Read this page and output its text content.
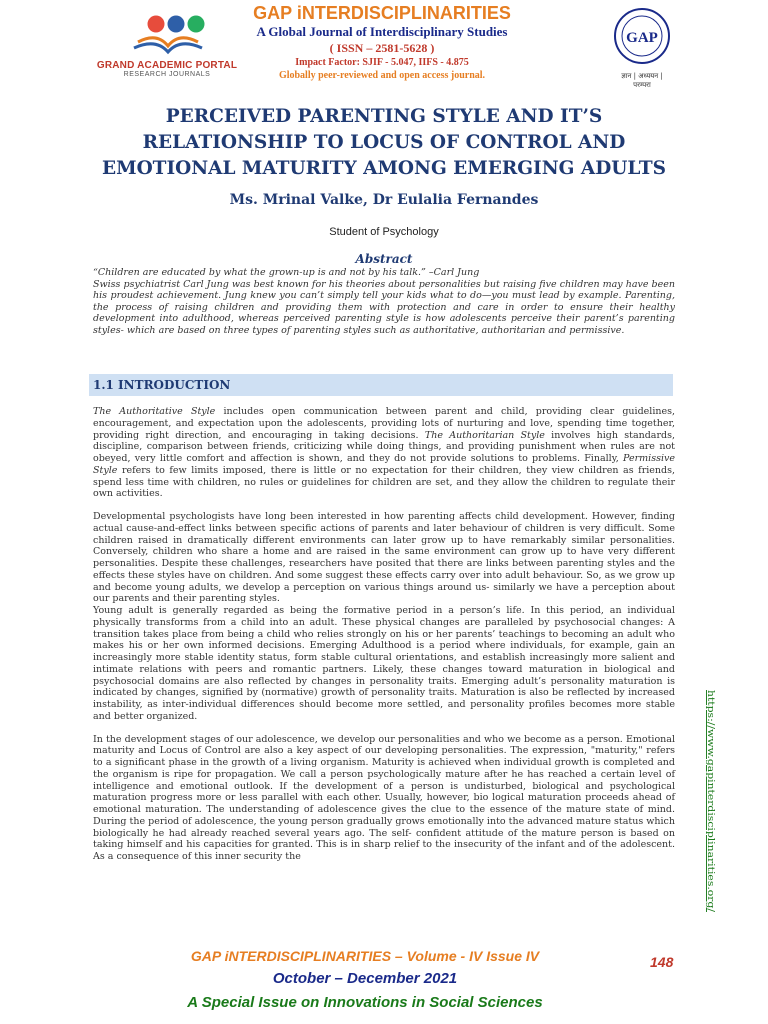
GRAND ACADEMIC PORTAL
RESEARCH JOURNALS
GAP iNTERDISCIPLINARITIES
A Global Journal of Interdisciplinary Studies
( ISSN – 2581-5628 )
Impact Factor: SJIF - 5.047, IIFS - 4.875
Globally peer-reviewed and open access journal.
GAP
ज्ञान | अध्ययन | परम्परा
PERCEIVED PARENTING STYLE AND IT’S
RELATIONSHIP TO LOCUS OF CONTROL AND
EMOTIONAL MATURITY AMONG EMERGING ADULTS
Ms. Mrinal Valke, Dr Eulalia Fernandes
Student of Psychology
Abstract

“Children are educated by what the grown-up is and not by his talk.” –Carl Jung

Swiss psychiatrist Carl Jung was best known for his theories about personalities but raising five children may have been his proudest achievement. Jung knew you can’t simply tell your kids what to do—you must lead by example. Parenting, the process of raising children and providing them with protection and care in order to ensure their healthy development into adulthood, whereas perceived parenting style is how adolescents perceive their parent’s parenting styles- which are based on three types of parenting styles such as authoritative, authoritarian and permissive.

1.1 INTRODUCTION

The Authoritative Style includes open communication between parent and child, providing clear guidelines, encouragement, and expectation upon the adolescents, providing lots of nurturing and love, spending time together, providing right direction, and encouraging in taking decisions. The Authoritarian Style involves high standards, discipline, comparison between friends, criticizing while doing things, and providing punishment when rules are not obeyed, very little comfort and affection is shown, and they do not provide solutions to problems. Finally, Permissive Style refers to few limits imposed, there is little or no expectation for their children, they view children as friends, spend less time with children, no rules or guidelines for children are set, and they allow the children to regulate their own activities.

Developmental psychologists have long been interested in how parenting affects child development. However, finding actual cause-and-effect links between specific actions of parents and later behaviour of children is very difficult. Some children raised in dramatically different environments can later grow up to have remarkably similar personalities. Conversely, children who share a home and are raised in the same environment can grow up to have very different personalities. Despite these challenges, researchers have posited that there are links between parenting styles and the effects these styles have on children. And some suggest these effects carry over into adult behaviour. So, as we grow up and become young adults, we develop a perception on various things around us- similarly we have a perception about our parents and their parenting styles.

Young adult is generally regarded as being the formative period in a person’s life. In this period, an individual physically transforms from a child into an adult. These physical changes are paralleled by psychosocial changes: A transition takes place from being a child who relies strongly on his or her parents’ teachings to becoming an adult who makes his or her own informed decisions. Emerging Adulthood is a period where individuals, for example, gain an increasingly more stable identity status, form stable cultural orientations, and establish increasingly more salient and intimate relations with peers and romantic partners. Likely, these changes toward maturation in biological and psychosocial domains are also reflected by changes in personality traits. Emerging adult’s personality maturation is indicated by changes, signified by (normative) growth of personality traits. Maturation is also be reflected by increased instability, as inter-individual differences should become more settled, and personality profiles becomes more stable and better organized.

In the development stages of our adolescence, we develop our personalities and who we become as a person. Emotional maturity and Locus of Control are also a key aspect of our developing personalities. The expression, "maturity," refers to a significant phase in the growth of a living organism. Maturity is achieved when individual growth is completed and the organism is ripe for propagation. We call a person psychologically mature after he has reached a certain level of intelligence and emotional outlook. If the development of a person is undisturbed, biological and psychological maturation progress more or less parallel with each other. Usually, however, bio logical maturation proceeds ahead of emotional maturation. The understanding of adolescence gives the clue to the essence of the mature state of mind. During the period of adolescence, the young person gradually grows emotionally into the advanced mature status which biologically he had already reached several years ago. The self- confident attitude of the mature person is based on taking himself and his capacities for granted. This is in sharp relief to the insecurity of the infant and of the adolescent. As a consequence of this inner security the	https://www.gapinterdisciplinarities.org/
GAP iNTERDISCIPLINARITIES – Volume - IV Issue IV	148
October – December 2021
A Special Issue on Innovations in Social Sciences
